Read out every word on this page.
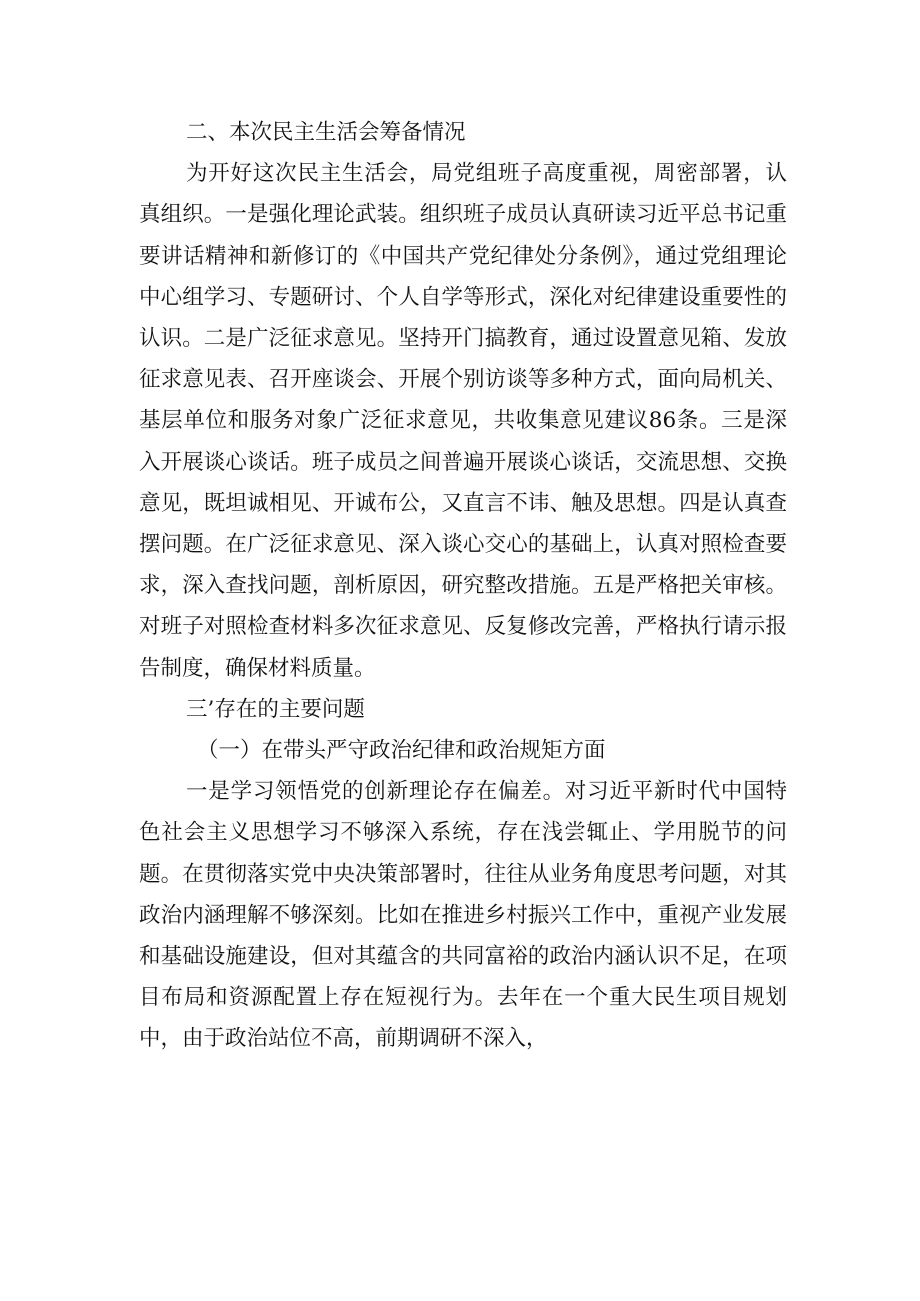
二、本次民主生活会筹备情况

为开好这次民主生活会，局党组班子高度重视，周密部署，认真组织。一是强化理论武装。组织班子成员认真研读习近平总书记重要讲话精神和新修订的《中国共产党纪律处分条例》，通过党组理论中心组学习、专题研讨、个人自学等形式，深化对纪律建设重要性的认识。二是广泛征求意见。坚持开门搞教育，通过设置意见箱、发放征求意见表、召开座谈会、开展个别访谈等多种方式，面向局机关、基层单位和服务对象广泛征求意见，共收集意见建议86条。三是深入开展谈心谈话。班子成员之间普遍开展谈心谈话，交流思想、交换意见，既坦诚相见、开诚布公，又直言不讳、触及思想。四是认真查摆问题。在广泛征求意见、深入谈心交心的基础上，认真对照检查要求，深入查找问题，剖析原因，研究整改措施。五是严格把关审核。对班子对照检查材料多次征求意见、反复修改完善，严格执行请示报告制度，确保材料质量。

三’存在的主要问题

（一）在带头严守政治纪律和政治规矩方面

一是学习领悟党的创新理论存在偏差。对习近平新时代中国特色社会主义思想学习不够深入系统，存在浅尝辄止、学用脱节的问题。在贯彻落实党中央决策部署时，往往从业务角度思考问题，对其政治内涵理解不够深刻。比如在推进乡村振兴工作中，重视产业发展和基础设施建设，但对其蕴含的共同富裕的政治内涵认识不足，在项目布局和资源配置上存在短视行为。去年在一个重大民生项目规划中，由于政治站位不高，前期调研不深入，
